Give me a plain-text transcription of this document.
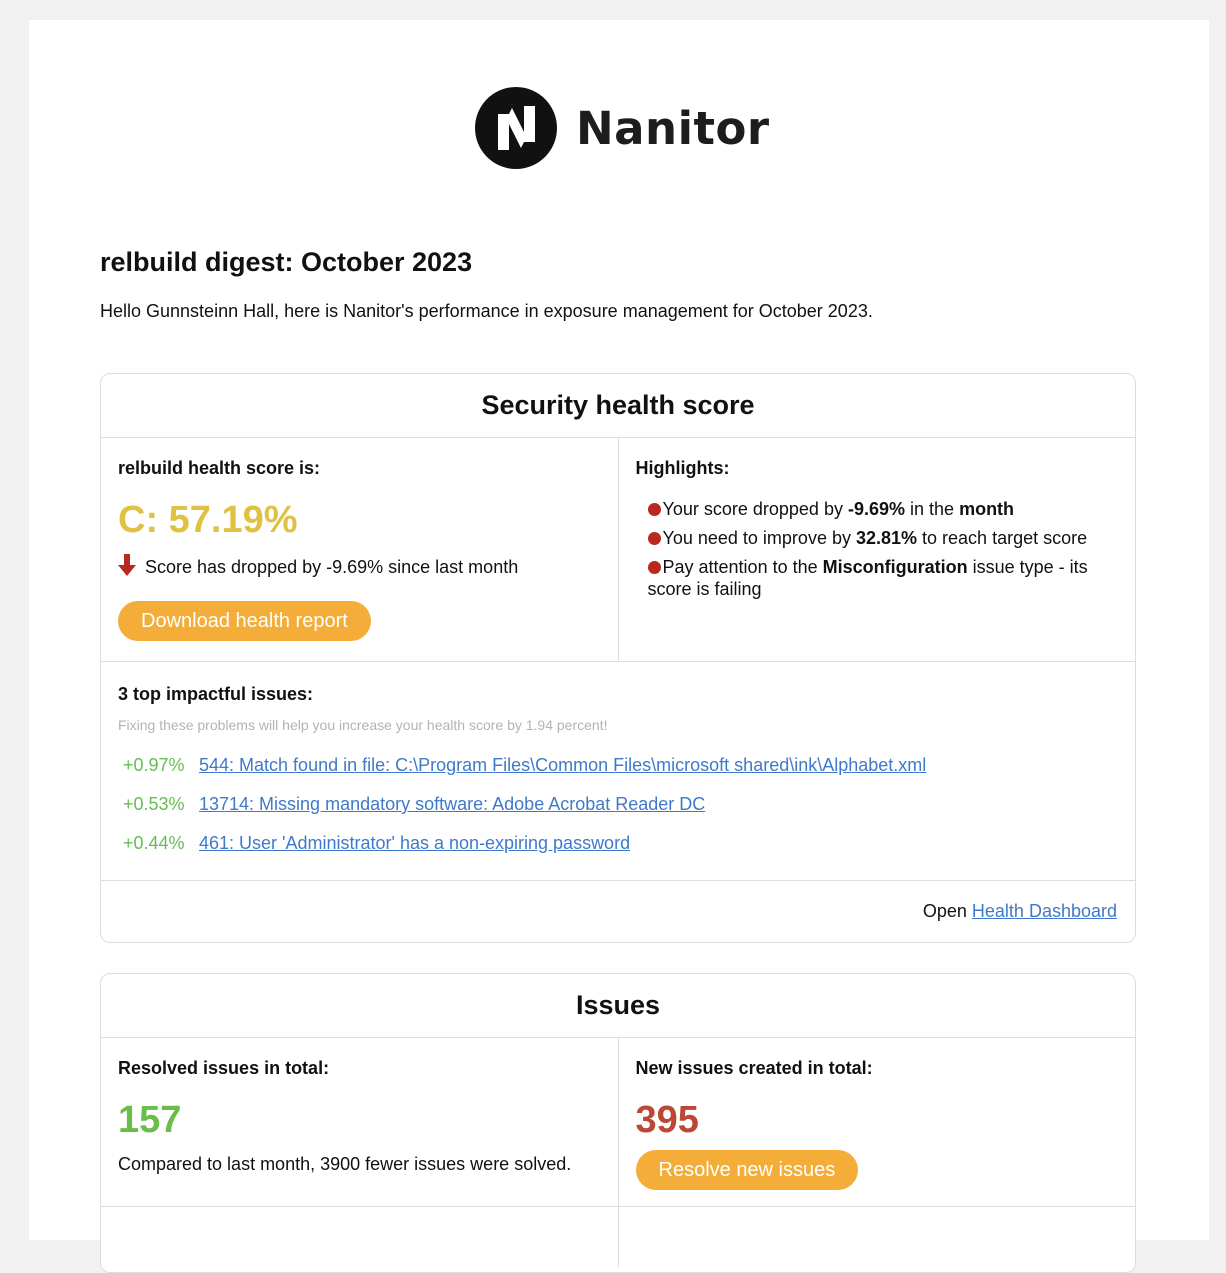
Nanitor
relbuild digest: October 2023

Hello Gunnsteinn Hall, here is Nanitor's performance in exposure management for October 2023.

Security health score

relbuild health score is:

C: 57.19%

Score has dropped by -9.69% since last month
Download health report

Highlights:

Your score dropped by -9.69% in the month
You need to improve by 32.81% to reach target score
Pay attention to the Misconfiguration issue type - its score is failing

3 top impactful issues:

Fixing these problems will help you increase your health score by 1.94 percent!

+0.97% 544: Match found in file: C:\Program Files\Common Files\microsoft shared\ink\Alphabet.xml
+0.53% 13714: Missing mandatory software: Adobe Acrobat Reader DC
+0.44% 461: User 'Administrator' has a non-expiring password
Open Health Dashboard
Issues

Resolved issues in total:

157

Compared to last month, 3900 fewer issues were solved.

New issues created in total:

395

Resolve new issues
